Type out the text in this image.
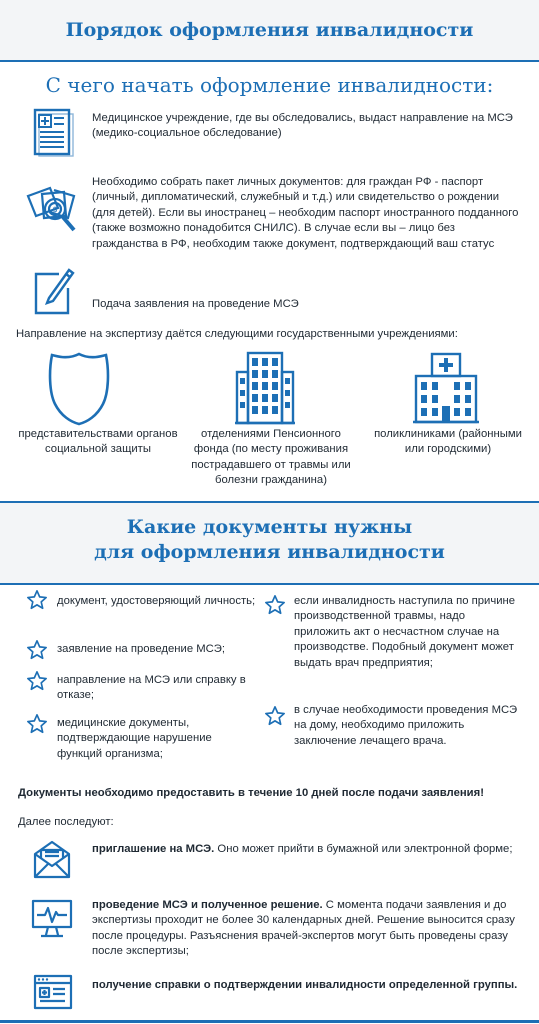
Порядок оформления инвалидности
С чего начать оформление инвалидности:
Медицинское учреждение, где вы обследовались, выдаст направление на МСЭ (медико-социальное обследование)
$
Необходимо собрать пакет личных документов: для граждан РФ - паспорт (личный, дипломатический, служебный и т.д.) или свидетельство о рождении (для детей). Если вы иностранец – необходим паспорт иностранного подданного (также возможно понадобится СНИЛС). В случае если вы – лицо без гражданства в РФ, необходим также документ, подтверждающий ваш статус
Подача заявления на проведение МСЭ
Направление на экспертизу даётся следующими государственными учреждениями:
представительствами органов социальной защиты
отделениями Пенсионного фонда (по месту проживания пострадавшего от травмы или болезни гражданина)
поликлиниками (районными или городскими)
Какие документы нужны
для оформления инвалидности
документ, удостоверяющий личность;
заявление на проведение МСЭ;
направление на МСЭ или справку в отказе;
медицинские документы, подтверждающие нарушение функций организма;
если инвалидность наступила по причине производственной травмы, надо приложить акт о несчастном случае на производстве. Подобный документ может выдать врач предприятия;
в случае необходимости проведения МСЭ на дому, необходимо приложить заключение лечащего врача.
Документы необходимо предоставить в течение 10 дней после подачи заявления!
Далее последуют:
приглашение на МСЭ. Оно может прийти в бумажной или электронной форме;
проведение МСЭ и полученное решение. С момента подачи заявления и до экспертизы проходит не более 30 календарных дней. Решение выносится сразу после процедуры. Разъяснения врачей-экспертов могут быть проведены сразу после экспертизы;
получение справки о подтверждении инвалидности определенной группы.
